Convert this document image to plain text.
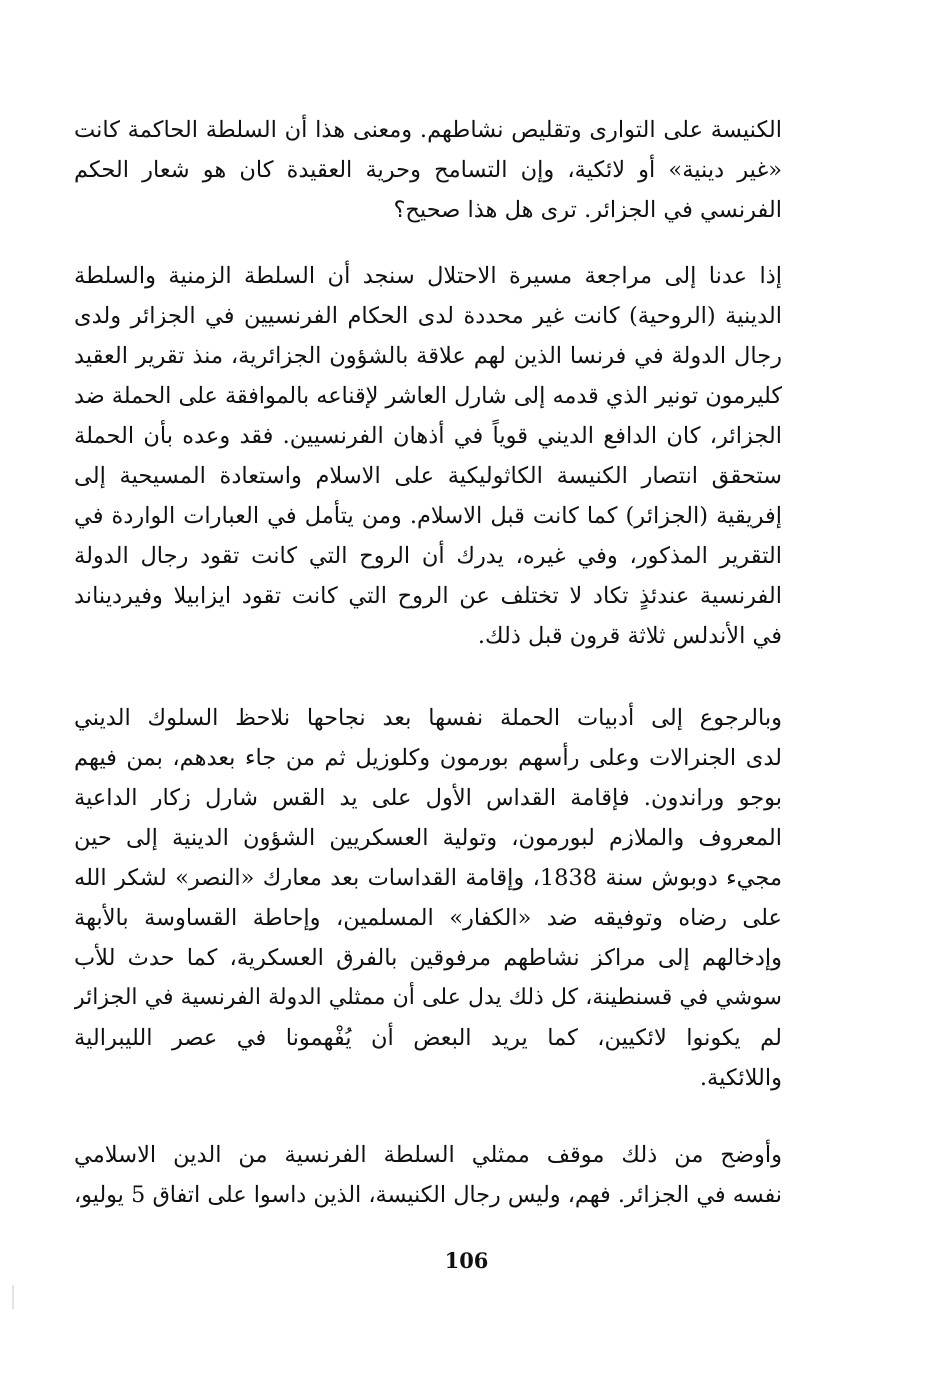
الكنيسة على التوارى وتقليص نشاطهم. ومعنى هذا أن السلطة الحاكمة كانت
«غير دينية» أو لائكية، وإن التسامح وحرية العقيدة كان هو شعار الحكم
الفرنسي في الجزائر. ترى هل هذا صحيح؟
إذا عدنا إلى مراجعة مسيرة الاحتلال سنجد أن السلطة الزمنية والسلطة
الدينية (الروحية) كانت غير محددة لدى الحكام الفرنسيين في الجزائر ولدى
رجال الدولة في فرنسا الذين لهم علاقة بالشؤون الجزائرية، منذ تقرير العقيد
كليرمون تونير الذي قدمه إلى شارل العاشر لإقناعه بالموافقة على الحملة ضد
الجزائر، كان الدافع الديني قوياً في أذهان الفرنسيين. فقد وعده بأن الحملة
ستحقق انتصار الكنيسة الكاثوليكية على الاسلام واستعادة المسيحية إلى
إفريقية (الجزائر) كما كانت قبل الاسلام. ومن يتأمل في العبارات الواردة في
التقرير المذكور، وفي غيره، يدرك أن الروح التي كانت تقود رجال الدولة
الفرنسية عندئذٍ تكاد لا تختلف عن الروح التي كانت تقود ايزابيلا وفيرديناند
في الأندلس ثلاثة قرون قبل ذلك.
وبالرجوع إلى أدبيات الحملة نفسها بعد نجاحها نلاحظ السلوك الديني
لدى الجنرالات وعلى رأسهم بورمون وكلوزيل ثم من جاء بعدهم، بمن فيهم
بوجو وراندون. فإقامة القداس الأول على يد القس شارل زكار الداعية
المعروف والملازم لبورمون، وتولية العسكريين الشؤون الدينية إلى حين
مجيء دوبوش سنة 1838، وإقامة القداسات بعد معارك «النصر» لشكر الله
على رضاه وتوفيقه ضد «الكفار» المسلمين، وإحاطة القساوسة بالأبهة
وإدخالهم إلى مراكز نشاطهم مرفوقين بالفرق العسكرية، كما حدث للأب
سوشي في قسنطينة، كل ذلك يدل على أن ممثلي الدولة الفرنسية في الجزائر
لم يكونوا لائكيين، كما يريد البعض أن يُفْهمونا في عصر الليبرالية
واللائكية.
وأوضح من ذلك موقف ممثلي السلطة الفرنسية من الدين الاسلامي
نفسه في الجزائر. فهم، وليس رجال الكنيسة، الذين داسوا على اتفاق 5 يوليو،
106
